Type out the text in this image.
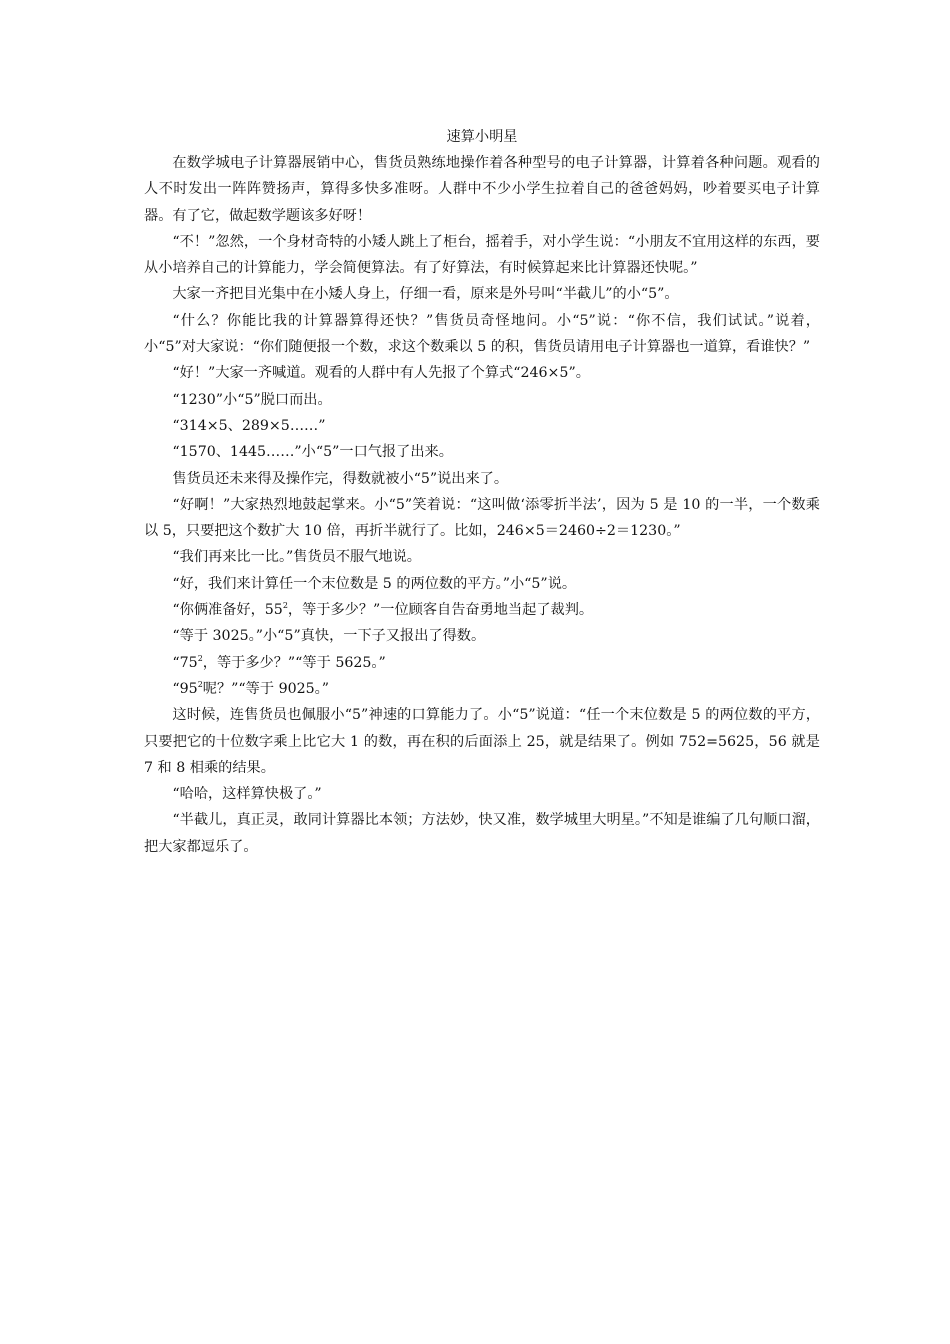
速算小明星

在数学城电子计算器展销中心，售货员熟练地操作着各种型号的电子计算器，计算着各种问题。观看的人不时发出一阵阵赞扬声，算得多快多准呀。人群中不少小学生拉着自己的爸爸妈妈，吵着要买电子计算器。有了它，做起数学题该多好呀！

“不！”忽然，一个身材奇特的小矮人跳上了柜台，摇着手，对小学生说：“小朋友不宜用这样的东西，要从小培养自己的计算能力，学会简便算法。有了好算法，有时候算起来比计算器还快呢。”

大家一齐把目光集中在小矮人身上，仔细一看，原来是外号叫“半截儿”的小“5”。

“什么？你能比我的计算器算得还快？”售货员奇怪地问。小“5”说：“你不信，我们试试。”说着，小“5”对大家说：“你们随便报一个数，求这个数乘以 5 的积，售货员请用电子计算器也一道算，看谁快？”

“好！”大家一齐喊道。观看的人群中有人先报了个算式“246×5”。

“1230”小“5”脱口而出。

“314×5、289×5……”

“1570、1445……”小“5”一口气报了出来。

售货员还未来得及操作完，得数就被小“5”说出来了。

“好啊！”大家热烈地鼓起掌来。小“5”笑着说：“这叫做‘添零折半法’，因为 5 是 10 的一半，一个数乘以 5，只要把这个数扩大 10 倍，再折半就行了。比如，246×5＝2460÷2＝1230。”

“我们再来比一比。”售货员不服气地说。

“好，我们来计算任一个末位数是 5 的两位数的平方。”小“5”说。

“你俩准备好，$55^2$，等于多少？”一位顾客自告奋勇地当起了裁判。

“等于 3025。”小“5”真快，一下子又报出了得数。

“$75^2$，等于多少？”“等于 5625。”

“$95^2$呢？”“等于 9025。”

这时候，连售货员也佩服小“5”神速的口算能力了。小“5”说道：“任一个末位数是 5 的两位数的平方，只要把它的十位数字乘上比它大 1 的数，再在积的后面添上 25，就是结果了。例如 752=5625，56 就是 7 和 8 相乘的结果。

“哈哈，这样算快极了。”

“半截儿，真正灵，敢同计算器比本领；方法妙，快又准，数学城里大明星。”不知是谁编了几句顺口溜，把大家都逗乐了。
